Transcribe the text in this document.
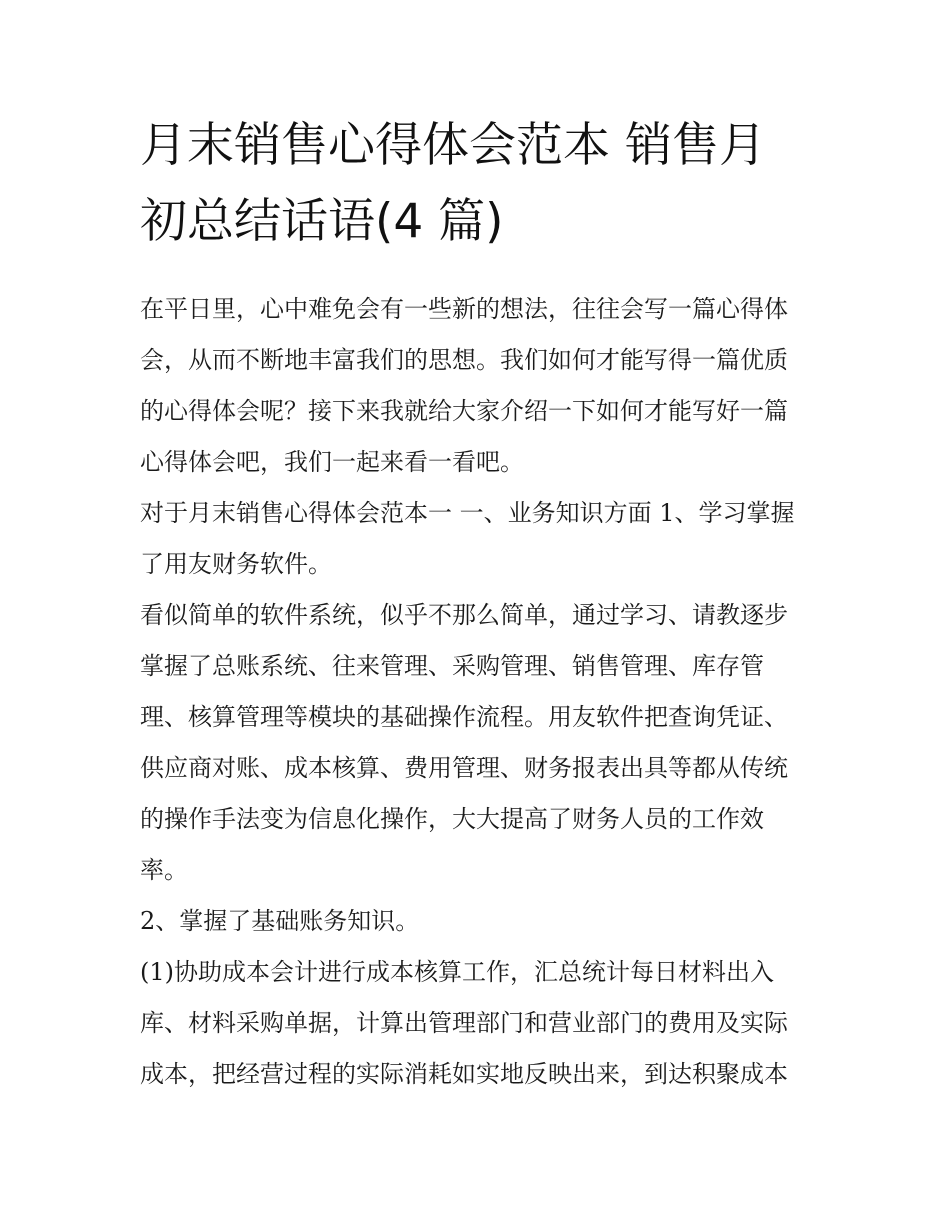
月末销售心得体会范本 销售月
初总结话语(4 篇)

在平日里，心中难免会有一些新的想法，往往会写一篇心得体
会，从而不断地丰富我们的思想。我们如何才能写得一篇优质
的心得体会呢？接下来我就给大家介绍一下如何才能写好一篇
心得体会吧，我们一起来看一看吧。

对于月末销售心得体会范本一 一、业务知识方面 1、学习掌握
了用友财务软件。

看似简单的软件系统，似乎不那么简单，通过学习、请教逐步
掌握了总账系统、往来管理、采购管理、销售管理、库存管
理、核算管理等模块的基础操作流程。用友软件把查询凭证、
供应商对账、成本核算、费用管理、财务报表出具等都从传统
的操作手法变为信息化操作，大大提高了财务人员的工作效
率。

2、掌握了基础账务知识。

(1)协助成本会计进行成本核算工作，汇总统计每日材料出入
库、材料采购单据，计算出管理部门和营业部门的费用及实际
成本，把经营过程的实际消耗如实地反映出来，到达积聚成本
